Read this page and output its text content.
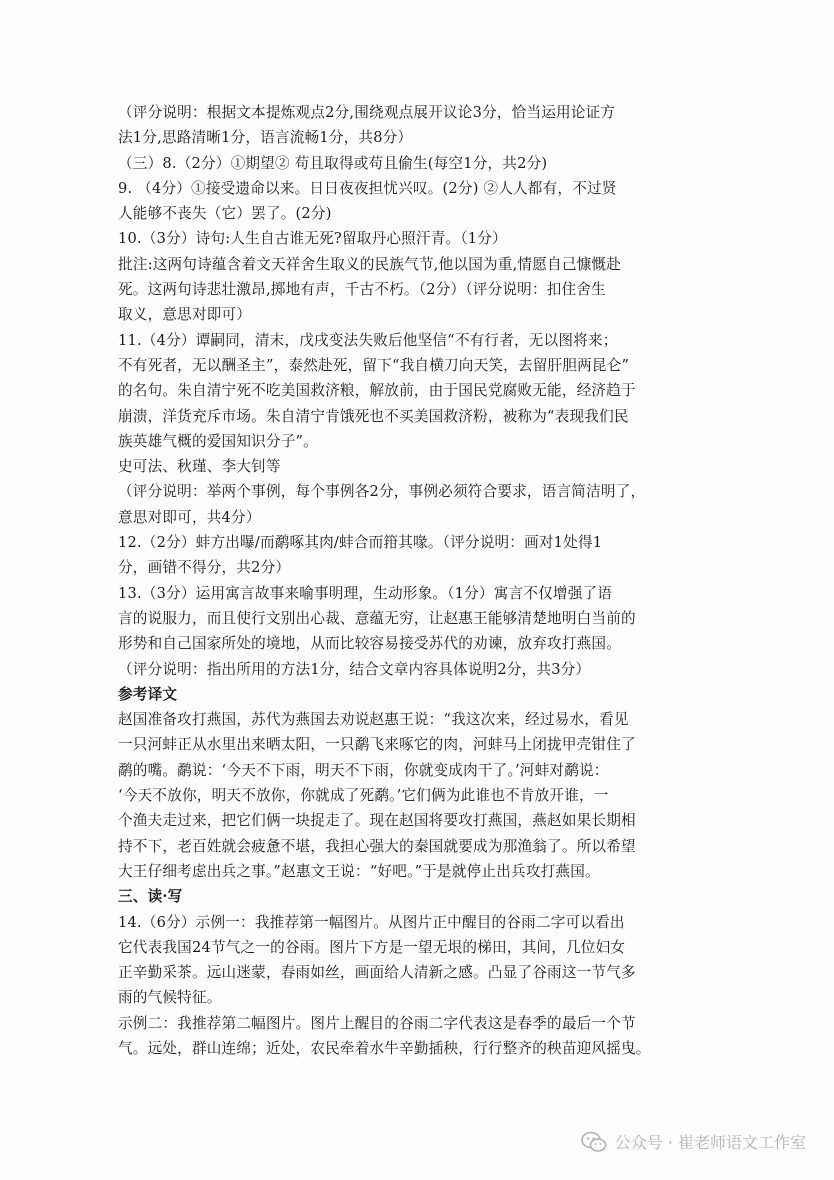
（评分说明：根据文本提炼观点2分,围绕观点展开议论3分，恰当运用论证方
法1分,思路清晰1分，语言流畅1分，共8分）
（三）8.（2分）①期望② 苟且取得或苟且偷生(每空1分，共2分)
9. （4分）①接受遗命以来。日日夜夜担忧兴叹。(2分) ②人人都有，不过贤
人能够不丧失（它）罢了。(2分)
10.（3分）诗句:人生自古谁无死?留取丹心照汗青。（1分）
批注:这两句诗蕴含着文天祥舍生取义的民族气节,他以国为重,情愿自己慷慨赴
死。这两句诗悲壮激昂,掷地有声，千古不朽。（2分）（评分说明：扣住舍生
取义，意思对即可）
11.（4分）谭嗣同，清末，戊戌变法失败后他坚信“不有行者，无以图将来；
不有死者，无以酬圣主”，泰然赴死，留下“我自横刀向天笑，去留肝胆两昆仑”
的名句。朱自清宁死不吃美国救济粮，解放前，由于国民党腐败无能，经济趋于
崩溃，洋货充斥市场。朱自清宁肯饿死也不买美国救济粉，被称为“表现我们民
族英雄气概的爱国知识分子”。
史可法、秋瑾、李大钊等
（评分说明：举两个事例，每个事例各2分，事例必须符合要求，语言简洁明了，
意思对即可，共4分）
12.（2分）蚌方出曝/而鹬啄其肉/蚌合而箝其喙。（评分说明：画对1处得1
分，画错不得分，共2分）
13.（3分）运用寓言故事来喻事明理，生动形象。（1分）寓言不仅增强了语
言的说服力，而且使行文别出心裁、意蕴无穷，让赵惠王能够清楚地明白当前的
形势和自己国家所处的境地，从而比较容易接受苏代的劝谏，放弃攻打燕国。
（评分说明：指出所用的方法1分，结合文章内容具体说明2分，共3分）
参考译文
赵国准备攻打燕国，苏代为燕国去劝说赵惠王说：“我这次来，经过易水，看见
一只河蚌正从水里出来晒太阳，一只鹬飞来啄它的肉，河蚌马上闭拢甲壳钳住了
鹬的嘴。鹬说：‘今天不下雨，明天不下雨，你就变成肉干了。’河蚌对鹬说：
‘今天不放你，明天不放你，你就成了死鹬。’它们俩为此谁也不肯放开谁，一
个渔夫走过来，把它们俩一块捉走了。现在赵国将要攻打燕国，燕赵如果长期相
持不下，老百姓就会疲惫不堪，我担心强大的秦国就要成为那渔翁了。所以希望
大王仔细考虑出兵之事。”赵惠文王说：“好吧。”于是就停止出兵攻打燕国。
三、读·写
14.（6分）示例一：我推荐第一幅图片。从图片正中醒目的谷雨二字可以看出
它代表我国24节气之一的谷雨。图片下方是一望无垠的梯田，其间，几位妇女
正辛勤采茶。远山迷蒙，春雨如丝，画面给人清新之感。凸显了谷雨这一节气多
雨的气候特征。
示例二：我推荐第二幅图片。图片上醒目的谷雨二字代表这是春季的最后一个节
气。远处，群山连绵；近处，农民牵着水牛辛勤插秧，行行整齐的秧苗迎风摇曳。
公众号 · 崔老师语文工作室
